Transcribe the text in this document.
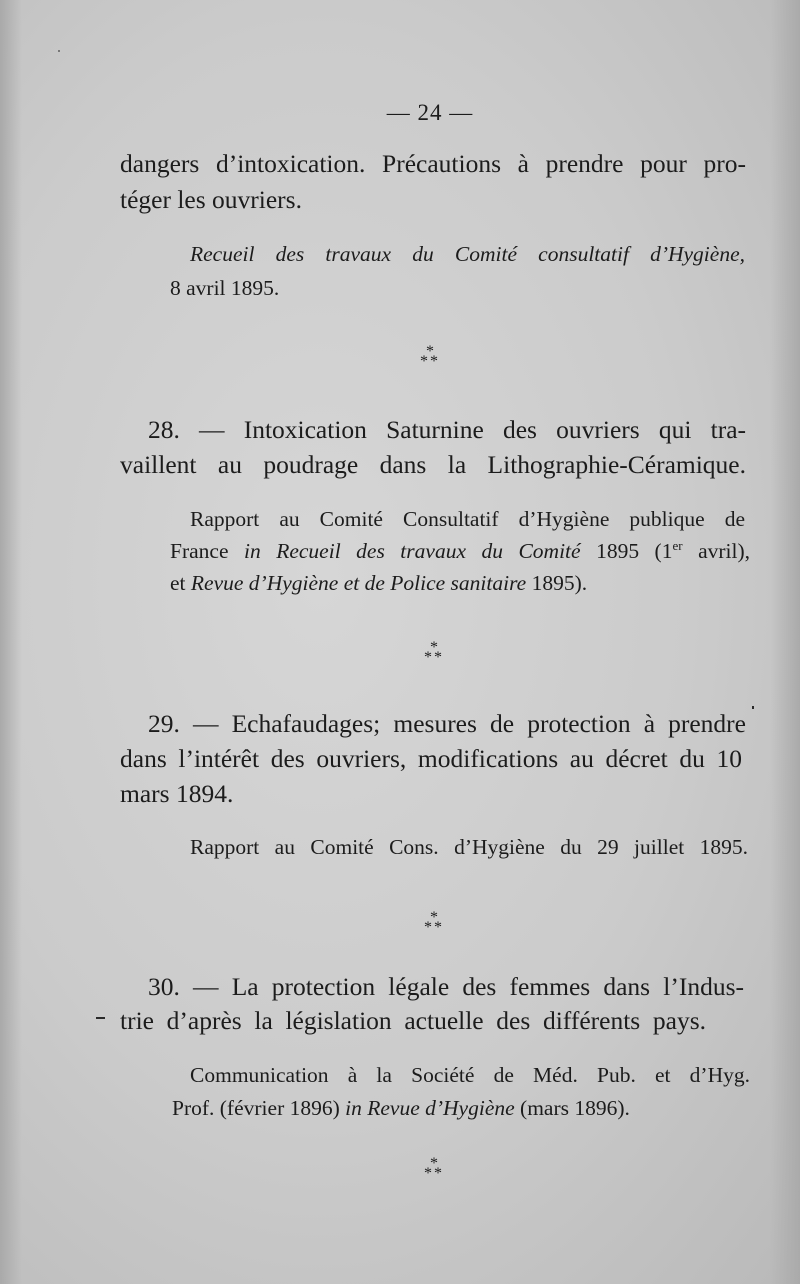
— 24 —
dangers d’intoxication. Précautions à prendre pour pro-
téger les ouvriers.
Recueil des travaux du Comité consultatif d’Hygiène,
8 avril 1895.
*
**
28. — Intoxication Saturnine des ouvriers qui tra-
vaillent au poudrage dans la Lithographie-Céramique.
Rapport au Comité Consultatif d’Hygiène publique de
France in Recueil des travaux du Comité 1895 (1er avril),
et Revue d’Hygiène et de Police sanitaire 1895).
*
**
29. — Echafaudages; mesures de protection à prendre
dans l’intérêt des ouvriers, modifications au décret du 10
mars 1894.
Rapport au Comité Cons. d’Hygiène du 29 juillet 1895.
*
**
30. — La protection légale des femmes dans l’Indus-
trie d’après la législation actuelle des différents pays.
Communication à la Société de Méd. Pub. et d’Hyg.
Prof. (février 1896) in Revue d’Hygiène (mars 1896).
*
**
